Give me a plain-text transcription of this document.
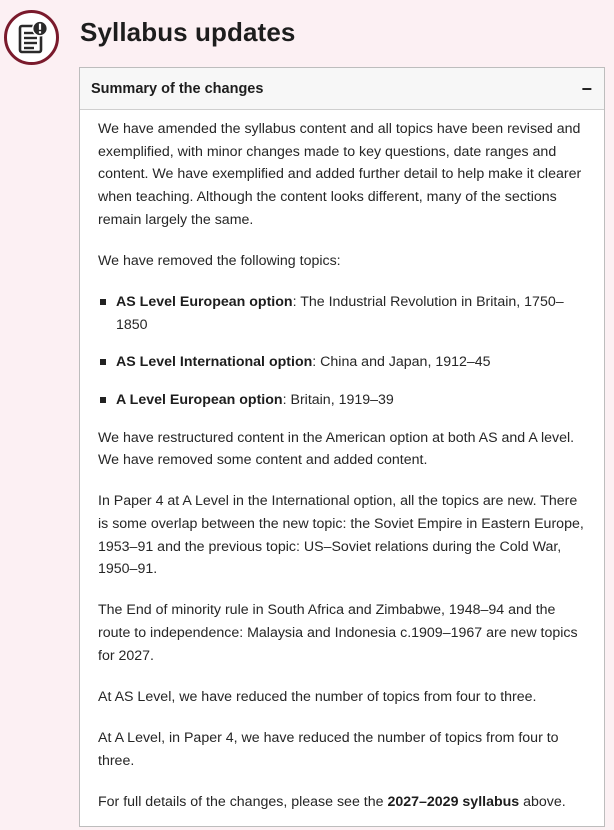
Syllabus updates
Summary of the changes	−

We have amended the syllabus content and all topics have been revised and exemplified, with minor changes made to key questions, date ranges and content. We have exemplified and added further detail to help make it clearer when teaching. Although the content looks different, many of the sections remain largely the same.

We have removed the following topics:

AS Level European option: The Industrial Revolution in Britain, 1750–1850
AS Level International option: China and Japan, 1912–45
A Level European option: Britain, 1919–39

We have restructured content in the American option at both AS and A level. We have removed some content and added content.

In Paper 4 at A Level in the International option, all the topics are new. There is some overlap between the new topic: the Soviet Empire in Eastern Europe, 1953–91 and the previous topic: US–Soviet relations during the Cold War, 1950–91.

The End of minority rule in South Africa and Zimbabwe, 1948–94 and the route to independence: Malaysia and Indonesia c.1909–1967 are new topics for 2027.

At AS Level, we have reduced the number of topics from four to three.

At A Level, in Paper 4, we have reduced the number of topics from four to three.

For full details of the changes, please see the 2027–2029 syllabus above.
